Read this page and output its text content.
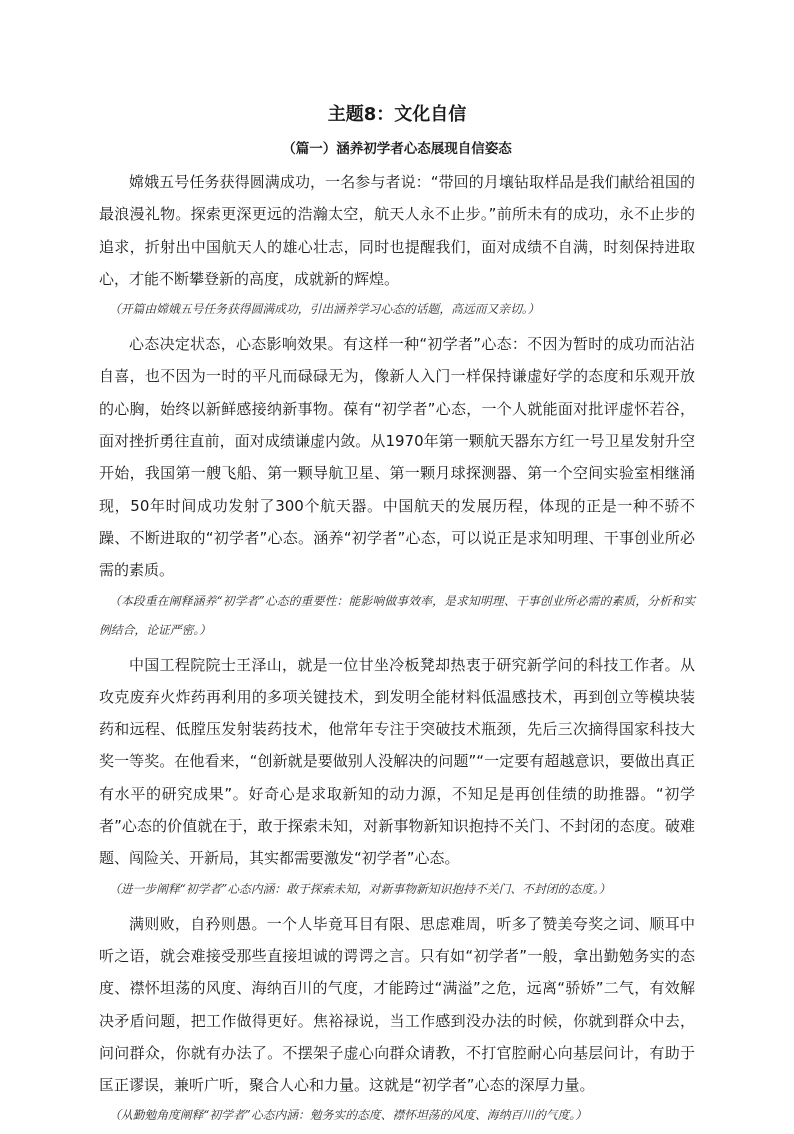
主题8：文化自信
（篇一）涵养初学者心态展现自信姿态

嫦娥五号任务获得圆满成功，一名参与者说：“带回的月壤钻取样品是我们献给祖国的最浪漫礼物。探索更深更远的浩瀚太空，航天人永不止步。”前所未有的成功，永不止步的追求，折射出中国航天人的雄心壮志，同时也提醒我们，面对成绩不自满，时刻保持进取心，才能不断攀登新的高度，成就新的辉煌。

（开篇由嫦娥五号任务获得圆满成功，引出涵养学习心态的话题，高远而又亲切。）

心态决定状态，心态影响效果。有这样一种“初学者”心态：不因为暂时的成功而沾沾自喜，也不因为一时的平凡而碌碌无为，像新人入门一样保持谦虚好学的态度和乐观开放的心胸，始终以新鲜感接纳新事物。葆有“初学者”心态，一个人就能面对批评虚怀若谷，面对挫折勇往直前，面对成绩谦虚内敛。从1970年第一颗航天器东方红一号卫星发射升空开始，我国第一艘飞船、第一颗导航卫星、第一颗月球探测器、第一个空间实验室相继涌现，50年时间成功发射了300个航天器。中国航天的发展历程，体现的正是一种不骄不躁、不断进取的“初学者”心态。涵养“初学者”心态，可以说正是求知明理、干事创业所必需的素质。

（本段重在阐释涵养“初学者”心态的重要性：能影响做事效率，是求知明理、干事创业所必需的素质，分析和实例结合，论证严密。）

中国工程院院士王泽山，就是一位甘坐冷板凳却热衷于研究新学问的科技工作者。从攻克废弃火炸药再利用的多项关键技术，到发明全能材料低温感技术，再到创立等模块装药和远程、低膛压发射装药技术，他常年专注于突破技术瓶颈，先后三次摘得国家科技大奖一等奖。在他看来，“创新就是要做别人没解决的问题”“一定要有超越意识，要做出真正有水平的研究成果”。好奇心是求取新知的动力源，不知足是再创佳绩的助推器。“初学者”心态的价值就在于，敢于探索未知，对新事物新知识抱持不关门、不封闭的态度。破难题、闯险关、开新局，其实都需要激发“初学者”心态。

（进一步阐释“初学者”心态内涵：敢于探索未知，对新事物新知识抱持不关门、不封闭的态度。）

满则败，自矜则愚。一个人毕竟耳目有限、思虑难周，听多了赞美夸奖之词、顺耳中听之语，就会难接受那些直接坦诚的谔谔之言。只有如“初学者”一般，拿出勤勉务实的态度、襟怀坦荡的风度、海纳百川的气度，才能跨过“满溢”之危，远离“骄娇”二气，有效解决矛盾问题，把工作做得更好。焦裕禄说，当工作感到没办法的时候，你就到群众中去，问问群众，你就有办法了。不摆架子虚心向群众请教，不打官腔耐心向基层问计，有助于匡正谬误，兼听广听，聚合人心和力量。这就是“初学者”心态的深厚力量。

（从勤勉角度阐释“初学者”心态内涵：勉务实的态度、襟怀坦荡的风度、海纳百川的气度。）
